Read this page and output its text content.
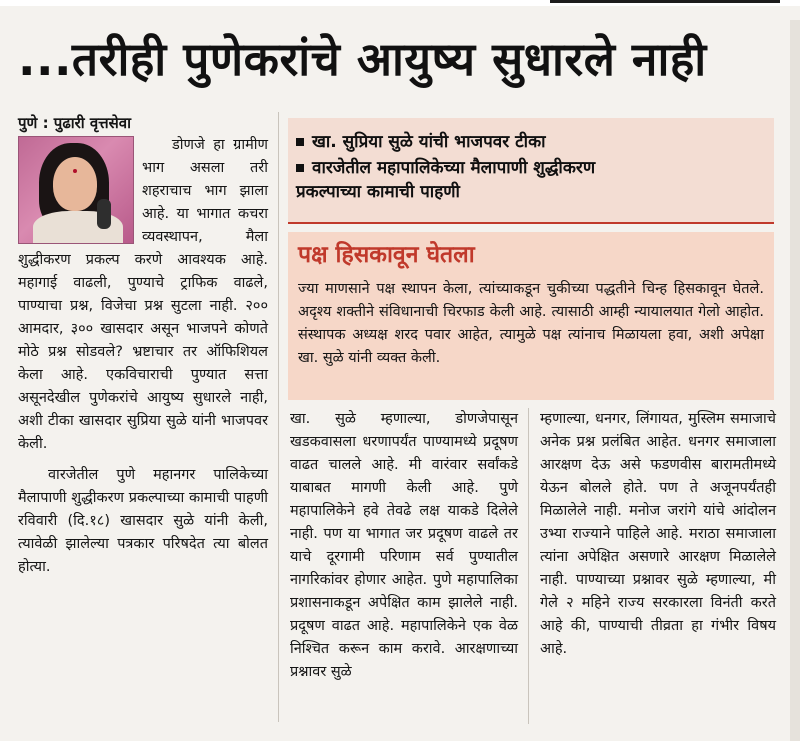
...तरीही पुणेकरांचे आयुष्य सुधारले नाही
पुणे : पुढारी वृत्तसेवा

डोणजे हा ग्रामीण भाग असला तरी शहराचाच भाग झाला आहे. या भागात कचरा व्यवस्थापन, मैला शुद्धीकरण प्रकल्प करणे आवश्यक आहे. महागाई वाढली, पुण्याचे ट्राफिक वाढले, पाण्याचा प्रश्न, विजेचा प्रश्न सुटला नाही. २०० आमदार, ३०० खासदार असून भाजपने कोणते मोठे प्रश्न सोडवले? भ्रष्टाचार तर ऑफिशियल केला आहे. एकविचाराची पुण्यात सत्ता असूनदेखील पुणेकरांचे आयुष्य सुधारले नाही, अशी टीका खासदार सुप्रिया सुळे यांनी भाजपवर केली.

वारजेतील पुणे महानगर पालिकेच्या मैलापाणी शुद्धीकरण प्रकल्पाच्या कामाची पाहणी रविवारी (दि.१८) खासदार सुळे यांनी केली, त्यावेळी झालेल्या पत्रकार परिषदेत त्या बोलत होत्या.

खा. सुप्रिया सुळे यांची भाजपवर टीका
वारजेतील महापालिकेच्या मैलापाणी शुद्धीकरण
प्रकल्पाच्या कामाची पाहणी
पक्ष हिसकावून घेतला
ज्या माणसाने पक्ष स्थापन केला, त्यांच्याकडून चुकीच्या पद्धतीने चिन्ह हिसकावून घेतले. अदृश्य शक्तीने संविधानाची चिरफाड केली आहे. त्यासाठी आम्ही न्यायालयात गेलो आहोत. संस्थापक अध्यक्ष शरद पवार आहेत, त्यामुळे पक्ष त्यांनाच मिळायला हवा, अशी अपेक्षा खा. सुळे यांनी व्यक्त केली.
खा. सुळे म्हणाल्या, डोणजेपासून खडकवासला धरणापर्यंत पाण्यामध्ये प्रदूषण वाढत चालले आहे. मी वारंवार सर्वांकडे याबाबत मागणी केली आहे. पुणे महापालिकेने हवे तेवढे लक्ष याकडे दिलेले नाही. पण या भागात जर प्रदूषण वाढले तर याचे दूरगामी परिणाम सर्व पुण्यातील नागरिकांवर होणार आहेत. पुणे महापालिका प्रशासनाकडून अपेक्षित काम झालेले नाही. प्रदूषण वाढत आहे. महापालिकेने एक वेळ निश्चित करून काम करावे. आरक्षणाच्या प्रश्नावर सुळे
म्हणाल्या, धनगर, लिंगायत, मुस्लिम समाजाचे अनेक प्रश्न प्रलंबित आहेत. धनगर समाजाला आरक्षण देऊ असे फडणवीस बारामतीमध्ये येऊन बोलले होते. पण ते अजूनपर्यंतही मिळालेले नाही. मनोज जरांगे यांचे आंदोलन उभ्या राज्याने पाहिले आहे. मराठा समाजाला त्यांना अपेक्षित असणारे आरक्षण मिळालेले नाही. पाण्याच्या प्रश्नावर सुळे म्हणाल्या, मी गेले २ महिने राज्य सरकारला विनंती करते आहे की, पाण्याची तीव्रता हा गंभीर विषय आहे.
